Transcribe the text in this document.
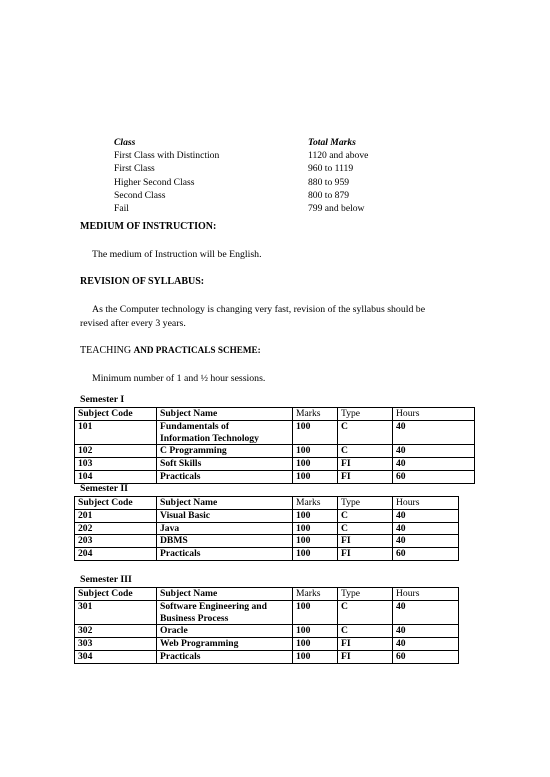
Class	Total Marks
First Class with Distinction	1120 and above
First Class	960 to 1119
Higher Second Class	880 to 959
Second Class	800 to 879
Fail	799 and below
MEDIUM OF INSTRUCTION:
The medium of Instruction will be English.
REVISION OF SYLLABUS:
As the Computer technology is changing very fast, revision of the syllabus should be
revised after every 3 years.
TEACHING AND PRACTICALS SCHEME:
Minimum number of 1 and ½ hour sessions.
Semester I
Subject Code	Subject Name	Marks	Type	Hours
101	Fundamentals of
Information Technology	100	C	40
102	C Programming	100	C	40
103	Soft Skills	100	FI	40
104	Practicals	100	FI	60
Semester II
Subject Code	Subject Name	Marks	Type	Hours
201	Visual Basic	100	C	40
202	Java	100	C	40
203	DBMS	100	FI	40
204	Practicals	100	FI	60
Semester III
Subject Code	Subject Name	Marks	Type	Hours
301	Software Engineering and
Business Process	100	C	40
302	Oracle	100	C	40
303	Web Programming	100	FI	40
304	Practicals	100	FI	60
